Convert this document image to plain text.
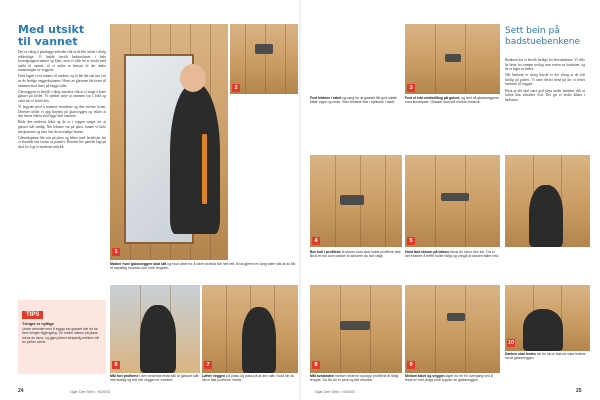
Med utsikt til vannet

Det er viktig å planlegge arbeidet slik at alt blir utført i riktig rekkefølge. Vi hadde bestilt badstuehuset i hele hovedgruppen tømret og klart, men vi ville ha et vindu med utsikt til vannet, så vi måtte ta hensyn til det under monteringen av veggene.

Først lagde vi en ramme til vinduet, og så ble det satt inn i en av de ferdige veggseksjonene. Hvert av glassene ble festet til rammen med lister på begge sider.

Glasseggene er bestilt i riktig størrelse slik at vi slapp å kutte glasset på stedet. Vi sjekket nøye at rammen var i lodd og vater før vi festet den.

Vi begynte med å montere stenderne og den øverste listen. Deretter målte vi opp høyden på glassveggen og lekter at den første lekten skal ligge helt vannrett.

Både den nederste lekta og de to i toppen sørger for at glasset står stødig. Når lektene var på plass, kunne vi løfte inn glassene og skru fast de utvendige listene.

Glassekspanse ble satt på plass og lektet med festelister før vi skrudde fast resten av panelet. Deretter ble panelet lagt på skrå for å gi et moderne uttrykk.

1
Marker hvor glassveggen skal stå og bruk vater for å sikre at lekta blir helt rett. Bruk gjerne en lang vater slik at du får et nøyaktig resultat over hele lengden.
2
TIPS
Tvinger er nyttige
Under arbeidet med å bygge inn glasset bør du ha flere tvinger tilgjengelig. De holder listene på plass mens du skrur, og gjør jobben betydelig enklere når du jobber alene.
6
Mål fort profilene i den nederste lekta slik at glasset står helt stødig og rett når veggen er montert.
7
Løfter veggen på plass og pass på at den står i lodd før du skrur fast profilene i lekta.
24	Gjør Det Selv • 9/2003
Fest lektene i taket og sørg for at glasset får god støtte både oppe og nede. Skru lektene fast i bjelkene i taket.
3
Fest et lekt midtstilling på gulvet, og fest så glassveggene med limstripser. Glasset skal stå mellom lektene.
4
Bor hull i profilene til skruer som skal holde profilene fast. Bruk et bor som passer til skruene du har valgt.
5
Hold fast skruen på bitsen mens du skrur den inn. Da er det enklere å treffe hullet riktig og unngå at skruen faller ned.
8
Mål avstanden mellom lektene og kapp profilene til riktig lengde. Da får du et pent og tett resultat.
9
Mellom taket og veggen lager du en fin overgang ved å feste en lekt langs hele toppen av glassveggen.
Sett bein på badstuebenkene

Benkene har vi bestilt ferdige fra leverandøren. Vi ville ha bena fra samme treslag som resten av badstuen, og de er laget av heltre.

Når benkene er riktig høyde er det viktig at de står stødig på gulvet. Vi satte derfor bena på før vi festet benkene til veggen.

Husk at det skal være god plass under benkene slik at luften kan sirkulere fritt. Det gir et bedre klima i badstuen.

10
Dørken skal festes før du skrur fast de siste listene rundt glassveggen.
Gjør Det Selv • 9/2003	25
